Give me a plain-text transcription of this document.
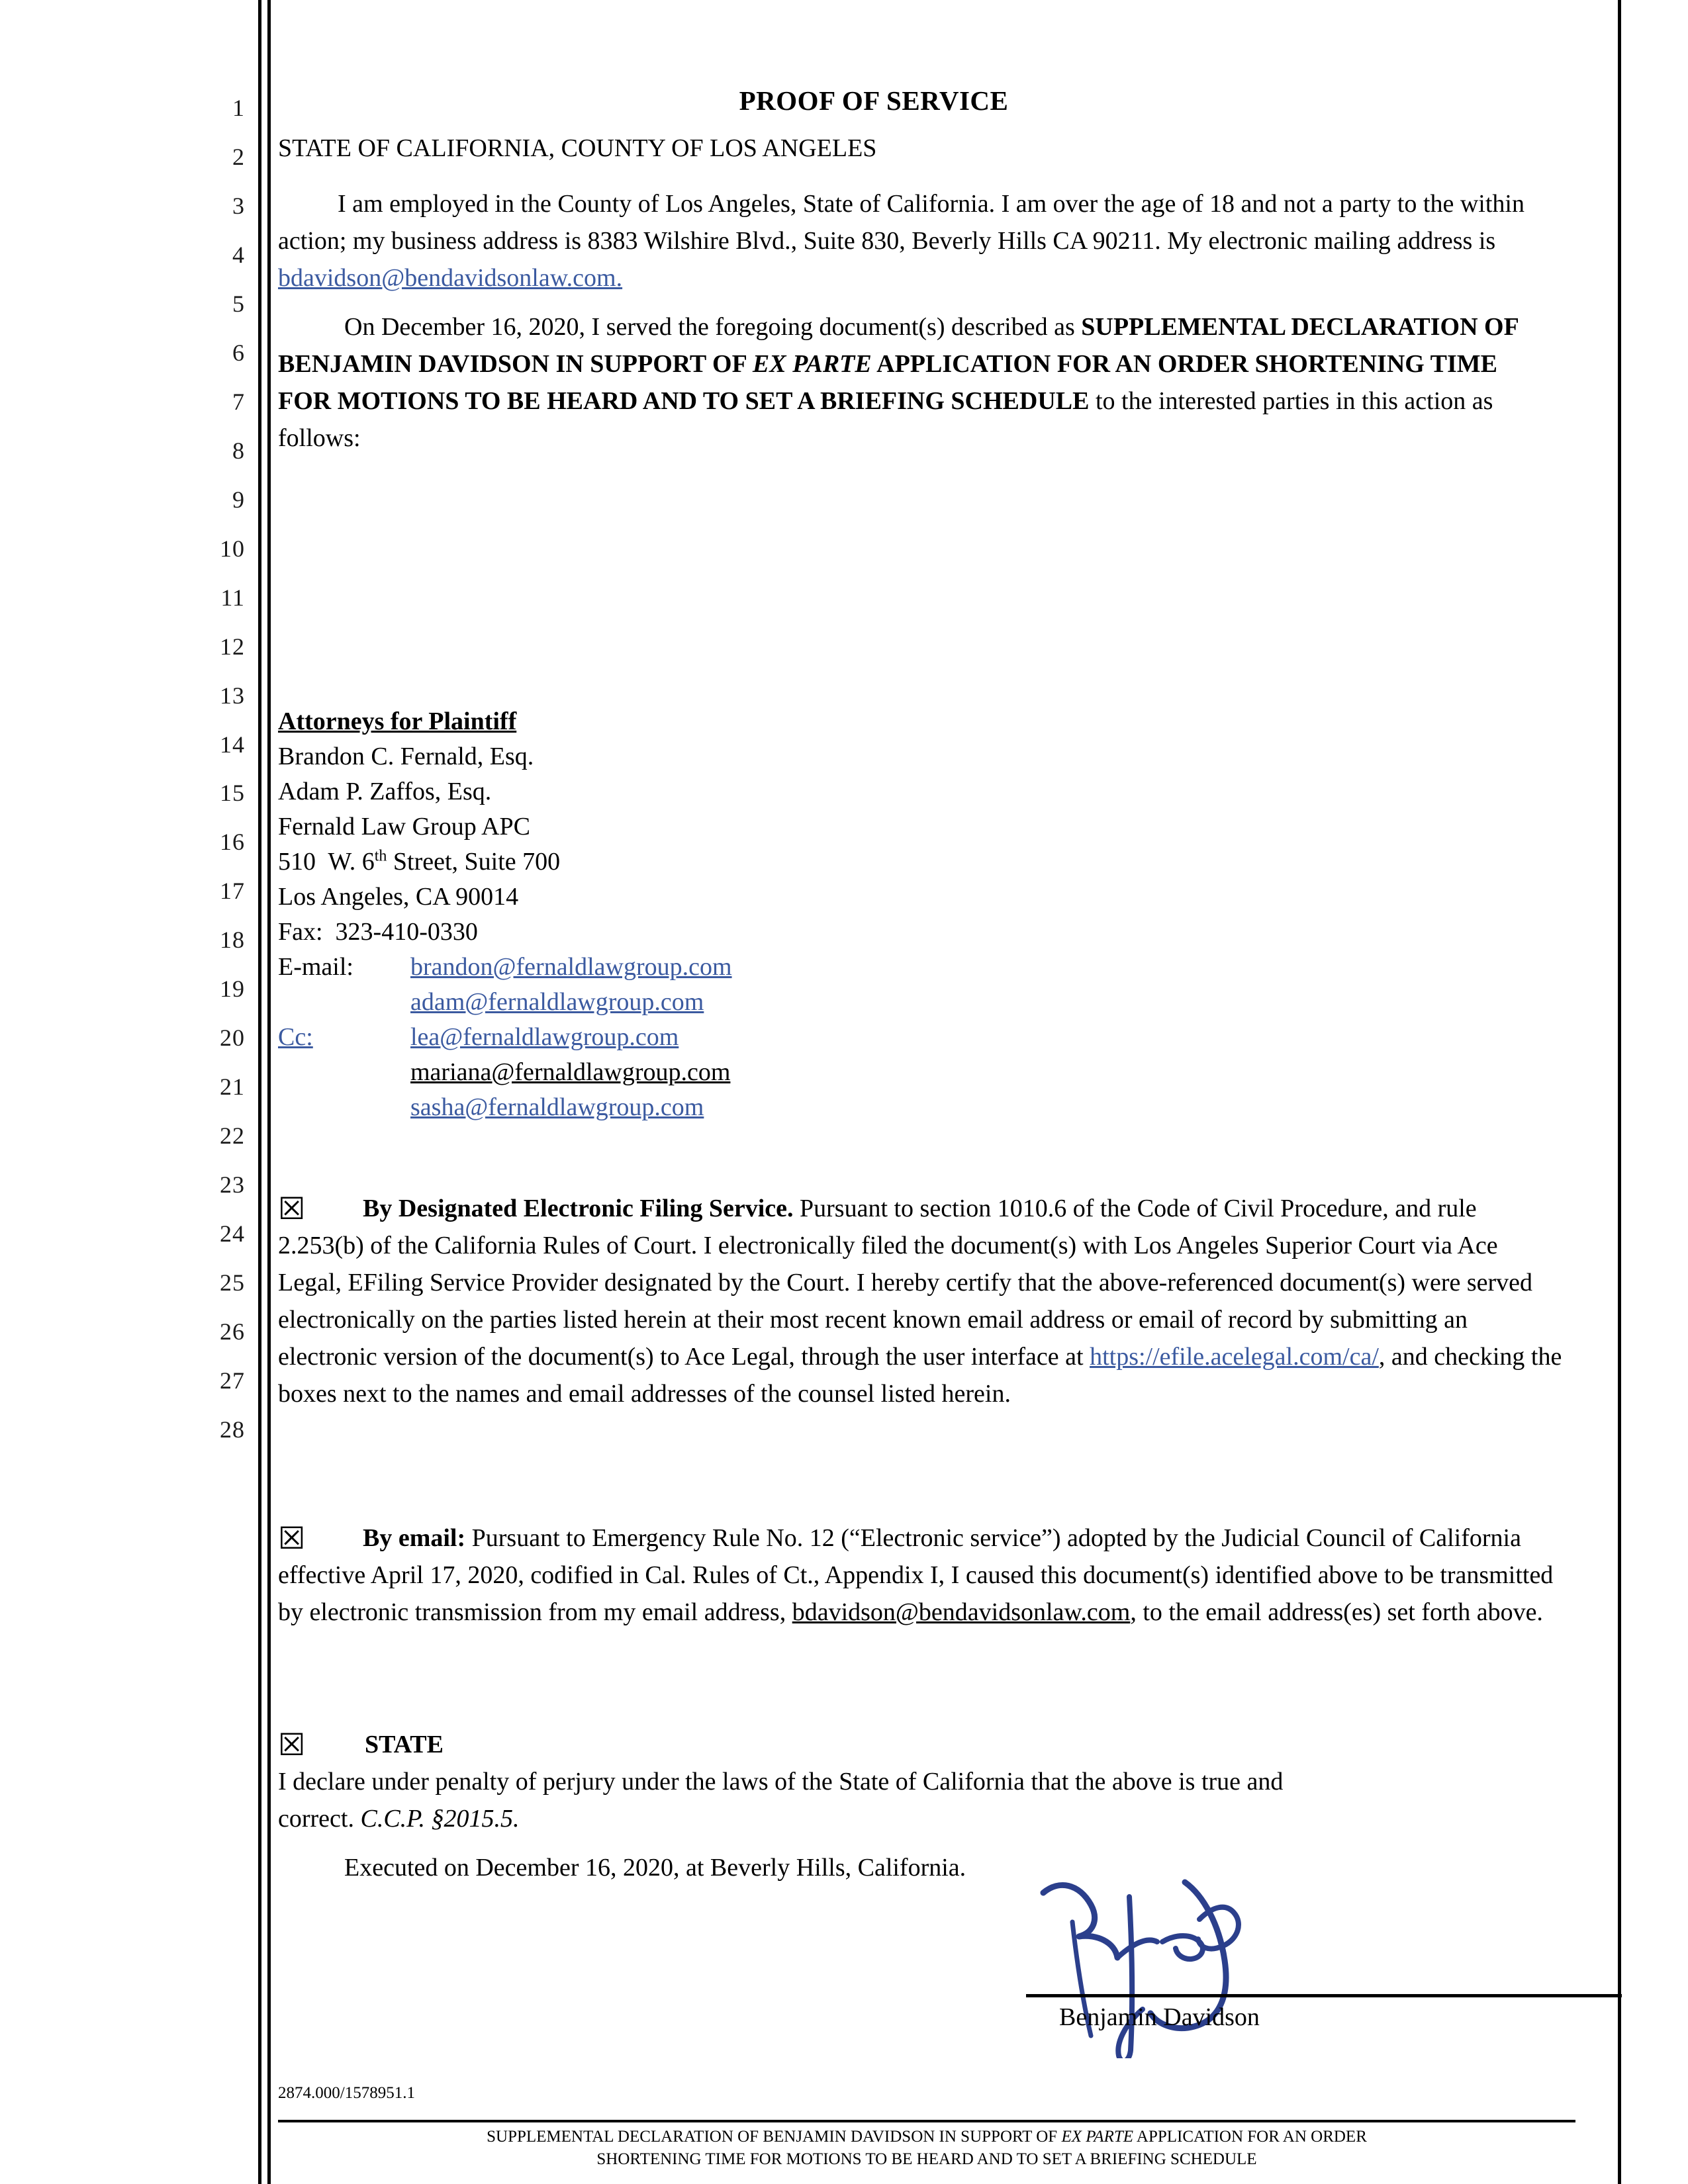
1
2
3
4
5
6
7
8
9
10
11
12
13
14
15
16
17
18
19
20
21
22
23
24
25
26
27
28
PROOF OF SERVICE
STATE OF CALIFORNIA, COUNTY OF LOS ANGELES
I am employed in the County of Los Angeles, State of California. I am over the age of 18 and not a party to the within action; my business address is 8383 Wilshire Blvd., Suite 830, Beverly Hills CA 90211. My electronic mailing address is bdavidson@bendavidsonlaw.com.
On December 16, 2020, I served the foregoing document(s) described as SUPPLEMENTAL DECLARATION OF BENJAMIN DAVIDSON IN SUPPORT OF EX PARTE APPLICATION FOR AN ORDER SHORTENING TIME FOR MOTIONS TO BE HEARD AND TO SET A BRIEFING SCHEDULE to the interested parties in this action as follows:
Attorneys for Plaintiff
Brandon C. Fernald, Esq.
Adam P. Zaffos, Esq.
Fernald Law Group APC
510  W. 6th Street, Suite 700
Los Angeles, CA 90014
Fax:  323-410-0330
E-mail: brandon@fernaldlawgroup.com
adam@fernaldlawgroup.com
Cc:	lea@fernaldlawgroup.com
mariana@fernaldlawgroup.com
sasha@fernaldlawgroup.com
☒ By Designated Electronic Filing Service. Pursuant to section 1010.6 of the Code of Civil Procedure, and rule 2.253(b) of the California Rules of Court. I electronically filed the document(s) with Los Angeles Superior Court via Ace Legal, EFiling Service Provider designated by the Court. I hereby certify that the above-referenced document(s) were served electronically on the parties listed herein at their most recent known email address or email of record by submitting an electronic version of the document(s) to Ace Legal, through the user interface at https://efile.acelegal.com/ca/, and checking the boxes next to the names and email addresses of the counsel listed herein.
☒ By email: Pursuant to Emergency Rule No. 12 (“Electronic service”) adopted by the Judicial Council of California effective April 17, 2020, codified in Cal. Rules of Ct., Appendix I, I caused this document(s) identified above to be transmitted by electronic transmission from my email address, bdavidson@bendavidsonlaw.com, to the email address(es) set forth above.
☒ STATEI declare under penalty of perjury under the laws of the State of California that the above is true and correct. C.C.P. §2015.5.
Executed on December 16, 2020, at Beverly Hills, California.
Benjamin Davidson
2874.000/1578951.1
SUPPLEMENTAL DECLARATION OF BENJAMIN DAVIDSON IN SUPPORT OF EX PARTE APPLICATION FOR AN ORDER
SHORTENING TIME FOR MOTIONS TO BE HEARD AND TO SET A BRIEFING SCHEDULE
